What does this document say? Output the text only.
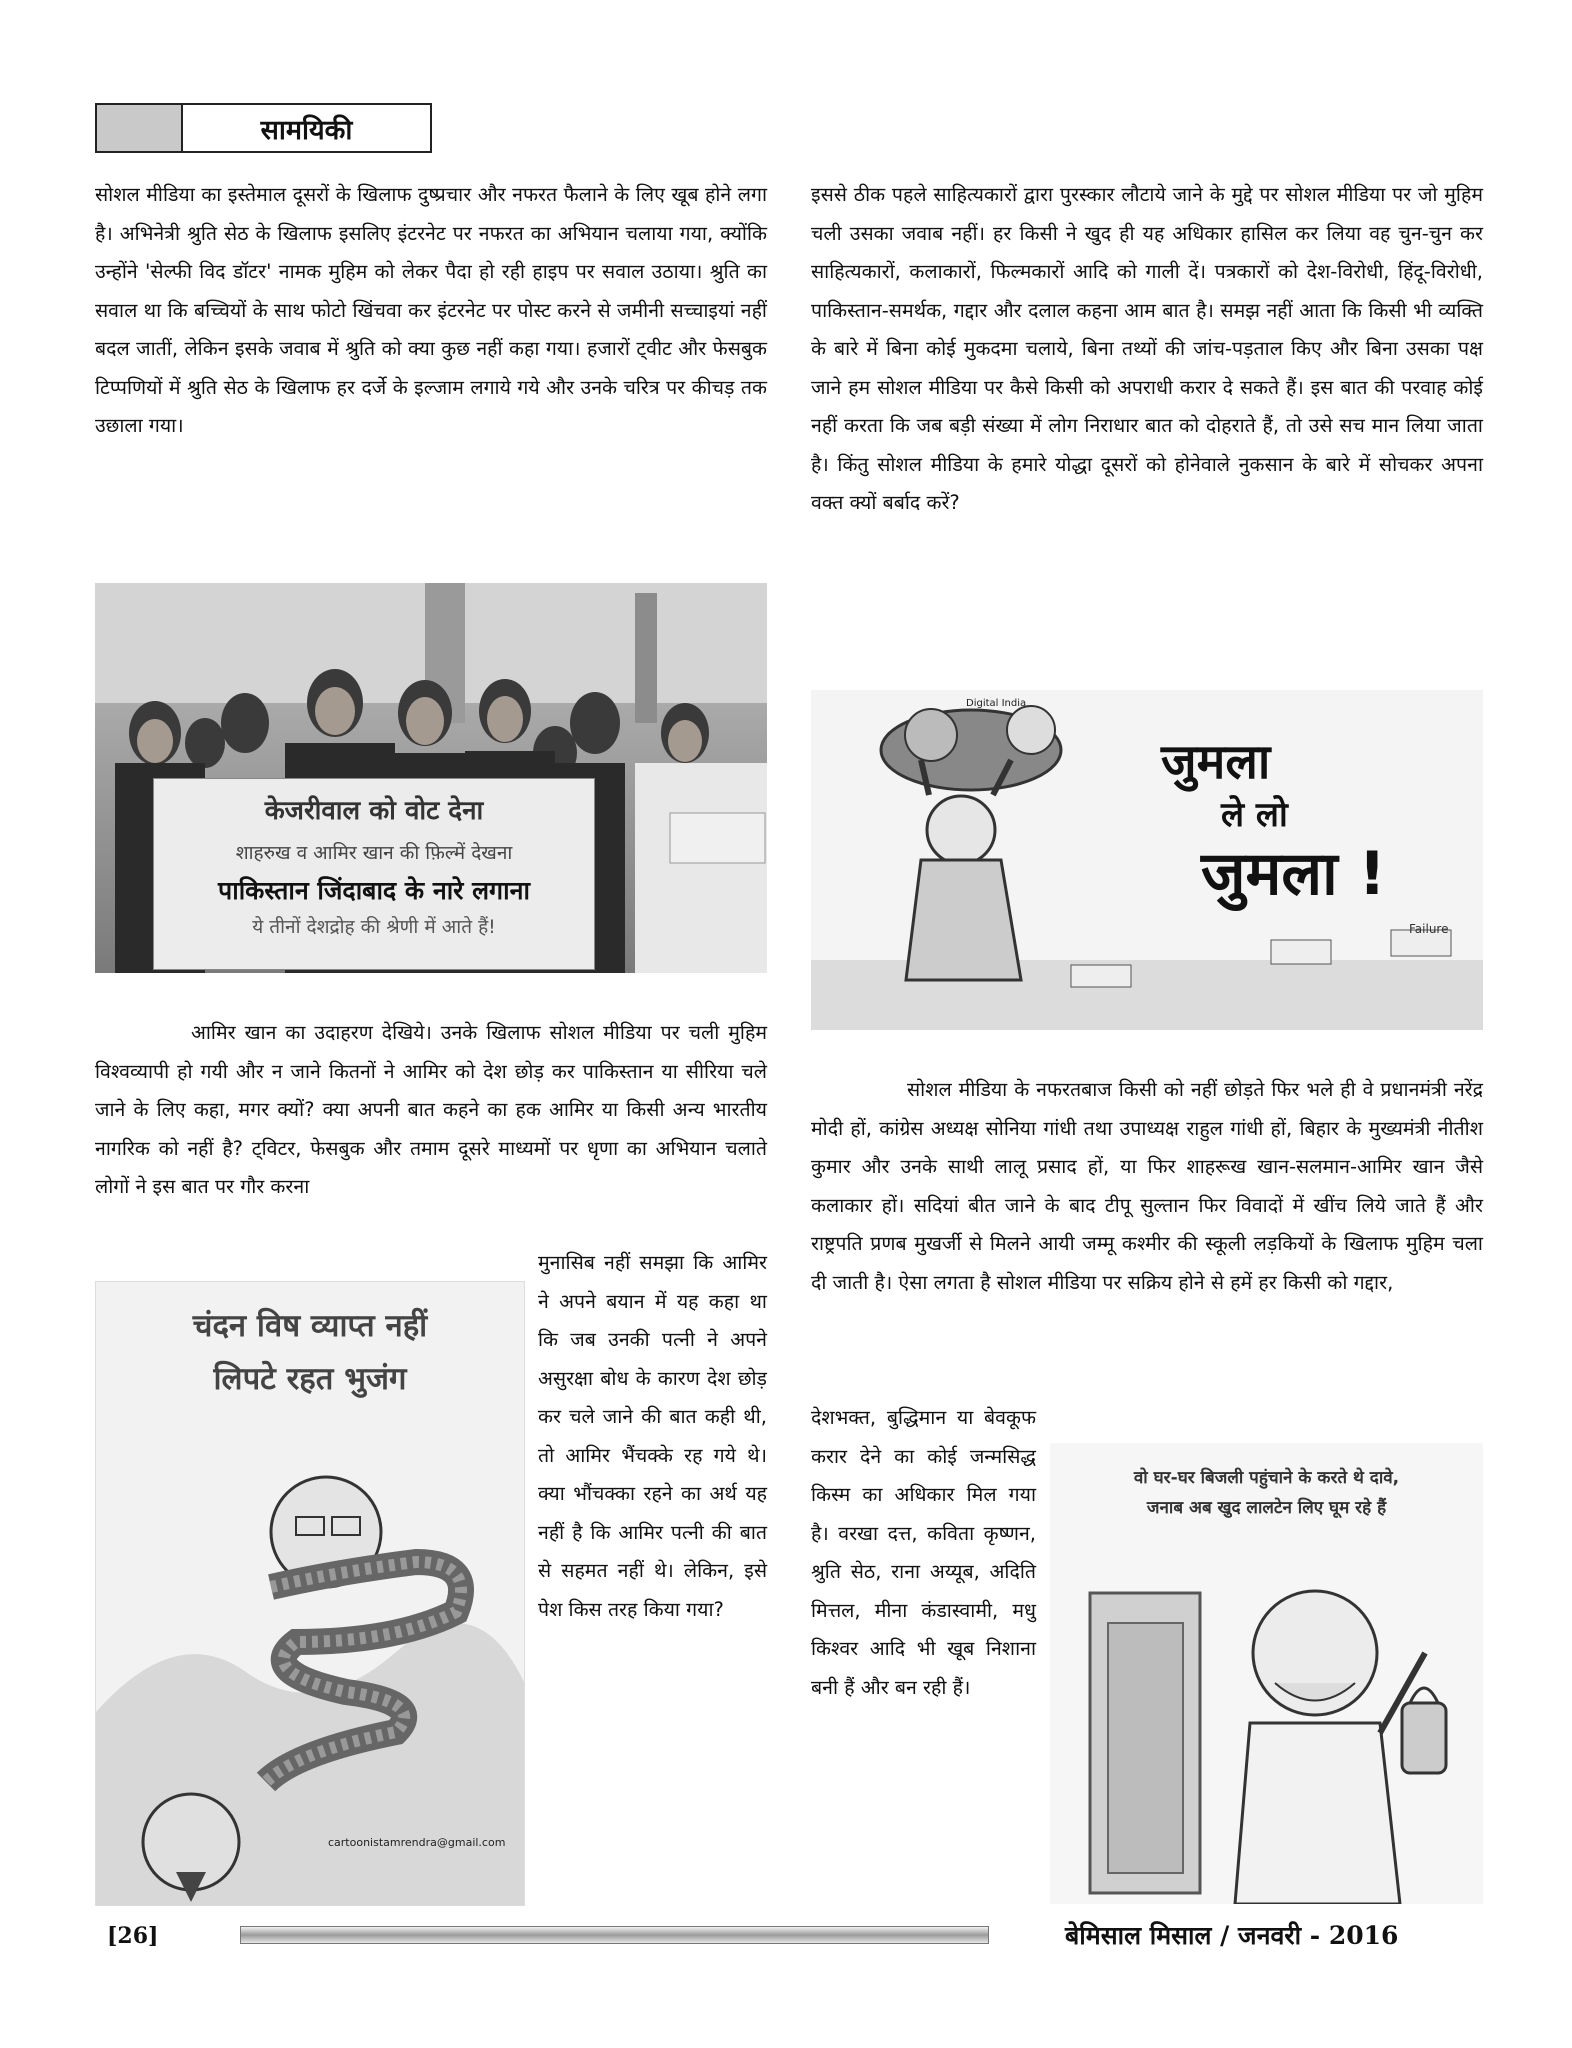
सामयिकी

सोशल मीडिया का इस्तेमाल दूसरों के खिलाफ दुष्प्रचार और नफरत फैलाने के लिए खूब होने लगा है। अभिनेत्री श्रुति सेठ के खिलाफ इसलिए इंटरनेट पर नफरत का अभियान चलाया गया, क्योंकि उन्होंने 'सेल्फी विद डॉटर' नामक मुहिम को लेकर पैदा हो रही हाइप पर सवाल उठाया। श्रुति का सवाल था कि बच्चियों के साथ फोटो खिंचवा कर इंटरनेट पर पोस्ट करने से जमीनी सच्चाइयां नहीं बदल जातीं, लेकिन इसके जवाब में श्रुति को क्या कुछ नहीं कहा गया। हजारों ट्वीट और फेसबुक टिप्पणियों में श्रुति सेठ के खिलाफ हर दर्जे के इल्जाम लगाये गये और उनके चरित्र पर कीचड़ तक उछाला गया।

केजरीवाल को वोट देना
शाहरुख व आमिर खान की फ़िल्में देखना
पाकिस्तान जिंदाबाद के नारे लगाना
ये तीनों देशद्रोह की श्रेणी में आते हैं!

आमिर खान का उदाहरण देखिये। उनके खिलाफ सोशल मीडिया पर चली मुहिम विश्वव्यापी हो गयी और न जाने कितनों ने आमिर को देश छोड़ कर पाकिस्तान या सीरिया चले जाने के लिए कहा, मगर क्यों? क्या अपनी बात कहने का हक आमिर या किसी अन्य भारतीय नागरिक को नहीं है? ट्विटर, फेसबुक और तमाम दूसरे माध्यमों पर धृणा का अभियान चलाते लोगों ने इस बात पर गौर करना

चंदन विष व्याप्त नहीं
लिपटे रहत भुजंग
cartoonistamrendra@gmail.com

मुनासिब नहीं समझा कि आमिर ने अपने बयान में यह कहा था कि जब उनकी पत्नी ने अपने असुरक्षा बोध के कारण देश छोड़ कर चले जाने की बात कही थी, तो आमिर भैंचक्के रह गये थे। क्या भौंचक्का रहने का अर्थ यह नहीं है कि आमिर पत्नी की बात से सहमत नहीं थे। लेकिन, इसे पेश किस तरह किया गया?

इससे ठीक पहले साहित्यकारों द्वारा पुरस्कार लौटाये जाने के मुद्दे पर सोशल मीडिया पर जो मुहिम चली उसका जवाब नहीं। हर किसी ने खुद ही यह अधिकार हासिल कर लिया वह चुन-चुन कर साहित्यकारों, कलाकारों, फिल्मकारों आदि को गाली दें। पत्रकारों को देश-विरोधी, हिंदू-विरोधी, पाकिस्तान-समर्थक, गद्दार और दलाल कहना आम बात है। समझ नहीं आता कि किसी भी व्यक्ति के बारे में बिना कोई मुकदमा चलाये, बिना तथ्यों की जांच-पड़ताल किए और बिना उसका पक्ष जाने हम सोशल मीडिया पर कैसे किसी को अपराधी करार दे सकते हैं। इस बात की परवाह कोई नहीं करता कि जब बड़ी संख्या में लोग निराधार बात को दोहराते हैं, तो उसे सच मान लिया जाता है। किंतु सोशल मीडिया के हमारे योद्धा दूसरों को होनेवाले नुकसान के बारे में सोचकर अपना वक्त क्यों बर्बाद करें?

Digital India
जुमला
ले लो
जुमला !
Failure

सोशल मीडिया के नफरतबाज किसी को नहीं छोड़ते फिर भले ही वे प्रधानमंत्री नरेंद्र मोदी हों, कांग्रेस अध्यक्ष सोनिया गांधी तथा उपाध्यक्ष राहुल गांधी हों, बिहार के मुख्यमंत्री नीतीश कुमार और उनके साथी लालू प्रसाद हों, या फिर शाहरूख खान-सलमान-आमिर खान जैसे कलाकार हों। सदियां बीत जाने के बाद टीपू सुल्तान फिर विवादों में खींच लिये जाते हैं और राष्ट्रपति प्रणब मुखर्जी से मिलने आयी जम्मू कश्मीर की स्कूली लड़कियों के खिलाफ मुहिम चला दी जाती है। ऐसा लगता है सोशल मीडिया पर सक्रिय होने से हमें हर किसी को गद्दार,

देशभक्त, बुद्धिमान या बेवकूफ करार देने का कोई जन्मसिद्ध किस्म का अधिकार मिल गया है। वरखा दत्त, कविता कृष्णन, श्रुति सेठ, राना अय्यूब, अदिति मित्तल, मीना कंडास्वामी, मधु किश्वर आदि भी खूब निशाना बनी हैं और बन रही हैं।

वो घर-घर बिजली पहुंचाने के करते थे दावे,
जनाब अब खुद लालटेन लिए घूम रहे हैं
[26]	बेमिसाल मिसाल / जनवरी - 2016
